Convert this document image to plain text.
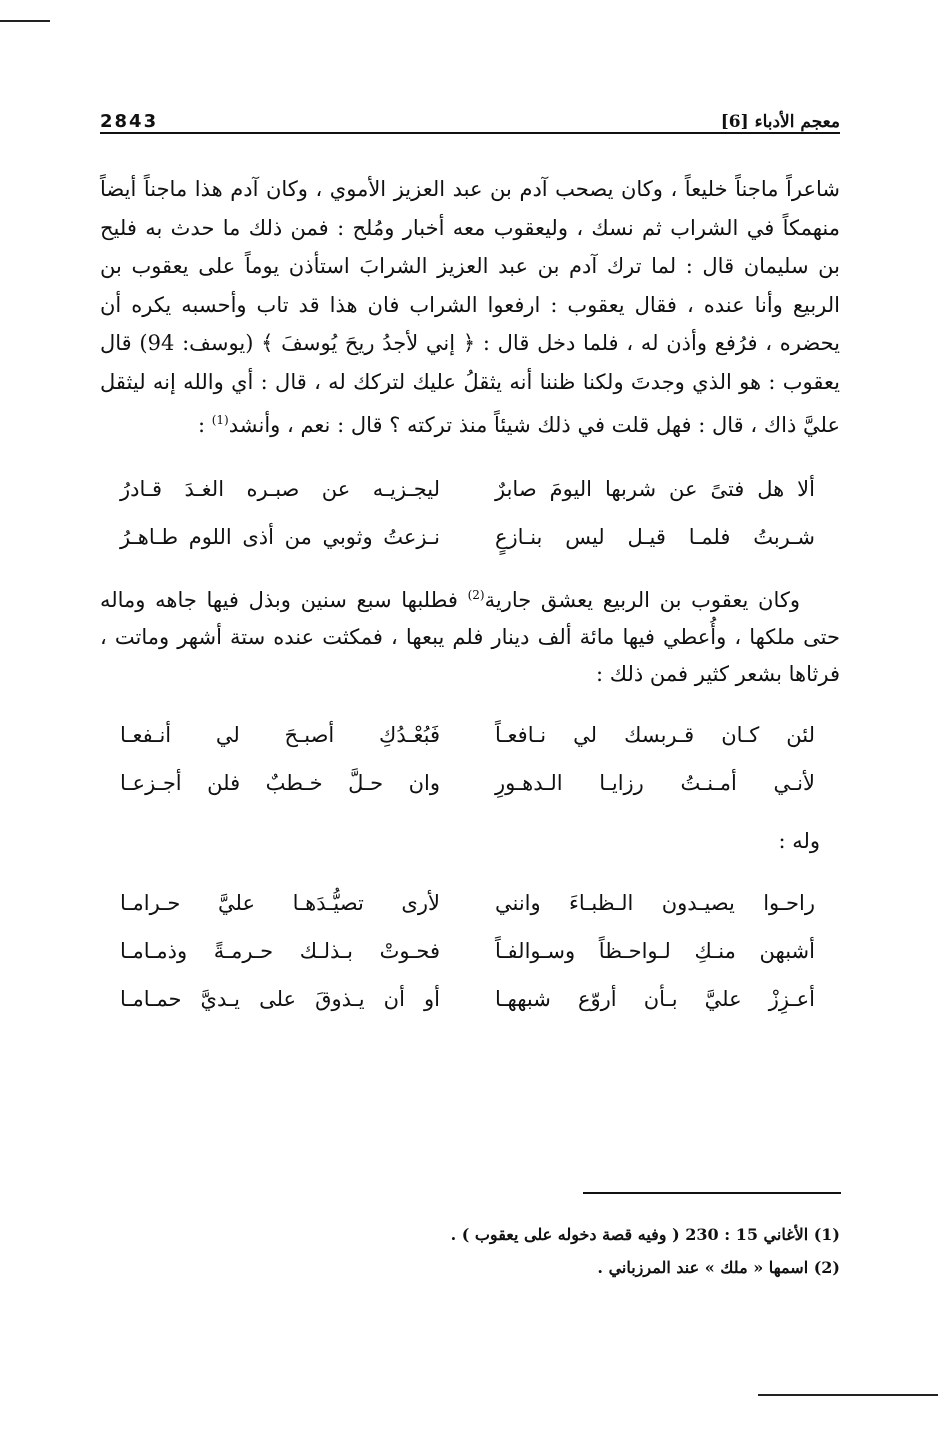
معجم الأدباء [6]
2843

شاعراً ماجناً خليعاً ، وكان يصحب آدم بن عبد العزيز الأموي ، وكان آدم هذا ماجناً أيضاً منهمكاً في الشراب ثم نسك ، وليعقوب معه أخبار ومُلح : فمن ذلك ما حدث به فليح بن سليمان قال : لما ترك آدم بن عبد العزيز الشرابَ استأذن يوماً على يعقوب بن الربيع وأنا عنده ، فقال يعقوب : ارفعوا الشراب فان هذا قد تاب وأحسبه يكره أن يحضره ، فرُفع وأذن له ، فلما دخل قال : ﴿ إني لأجدُ ريحَ يُوسفَ ﴾ (يوسف: 94) قال يعقوب : هو الذي وجدتَ ولكنا ظننا أنه يثقلُ عليك لتركك له ، قال : أي والله إنه ليثقل عليَّ ذاك ، قال : فهل قلت في ذلك شيئاً منذ تركته ؟ قال : نعم ، وأنشد$^{(1)}$ :

ألا هل فتىً عن شربها اليومَ صابرٌ
ليجـزيـه عن صبـره الغـدَ قـادرُ
شـربتُ فلمـا قيـل ليس بنـازعٍ
نـزعتُ وثوبي من أذى اللوم طـاهـرُ

وكان يعقوب بن الربيع يعشق جارية$^{(2)}$ فطلبها سبع سنين وبذل فيها جاهه وماله حتى ملكها ، وأُعطي فيها مائة ألف دينار فلم يبعها ، فمكثت عنده ستة أشهر وماتت ، فرثاها بشعر كثير فمن ذلك :

لئن كـان قـربسك لي نـافعـاً
فَبُعْـدُكِ أصبـحَ لي أنـفعـا
لأنـي أمـنـتُ رزايـا الـدهـورِ
وان حـلَّ خـطبٌ فلن أجـزعـا
وله :
راحـوا يصيـدون الـظبـاءَ وانني
لأرى تصيُّـدَهـا عليَّ حـرامـا
أشبهن منـكِ لـواحـظاً وسـوالفـاً
فحـوتْ بـذلـك حـرمـةً وذمـامـا
أعـزِزْ عليَّ بـأن أروّع شبههـا
أو أن يـذوقَ على يـديَّ حمـامـا

(1) الأغاني 15 : 230 ( وفيه قصة دخوله على يعقوب ) .

(2) اسمها « ملك » عند المرزباني .
